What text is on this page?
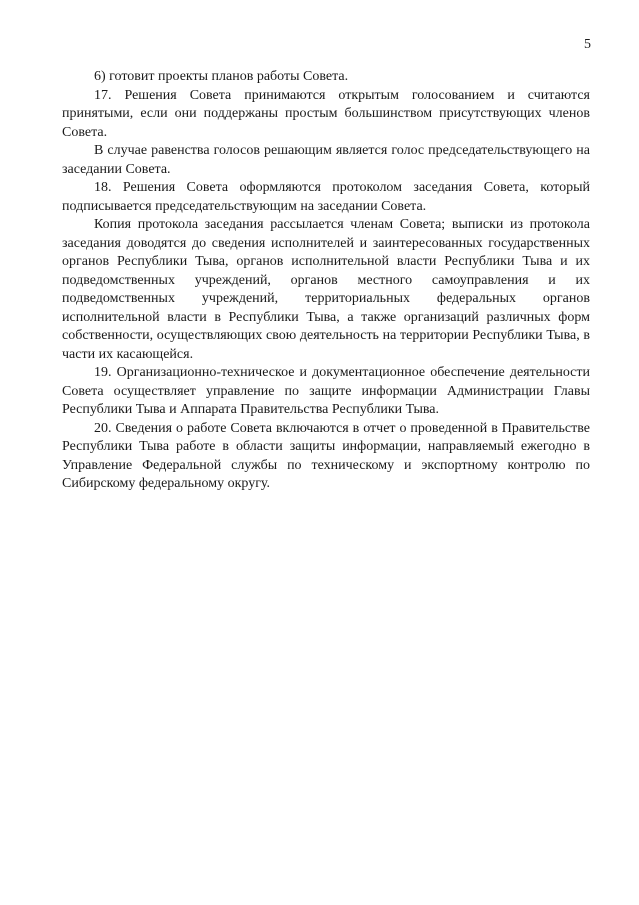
5

6) готовит проекты планов работы Совета.

17. Решения Совета принимаются открытым голосованием и считаются принятыми, если они поддержаны простым большинством присутствующих членов Совета.

В случае равенства голосов решающим является голос председательствующего на заседании Совета.

18. Решения Совета оформляются протоколом заседания Совета, который подписывается председательствующим на заседании Совета.

Копия протокола заседания рассылается членам Совета; выписки из протокола заседания доводятся до сведения исполнителей и заинтересованных государственных органов Республики Тыва, органов исполнительной власти Республики Тыва и их подведомственных учреждений, органов местного самоуправления и их подведомственных учреждений, территориальных федеральных органов исполнительной власти в Республики Тыва, а также организаций различных форм собственности, осуществляющих свою деятельность на территории Республики Тыва, в части их касающейся.

19. Организационно-техническое и документационное обеспечение деятельности Совета осуществляет управление по защите информации Администрации Главы Республики Тыва и Аппарата Правительства Республики Тыва.

20. Сведения о работе Совета включаются в отчет о проведенной в Правительстве Республики Тыва работе в области защиты информации, направляемый ежегодно в Управление Федеральной службы по техническому и экспортному контролю по Сибирскому федеральному округу.
